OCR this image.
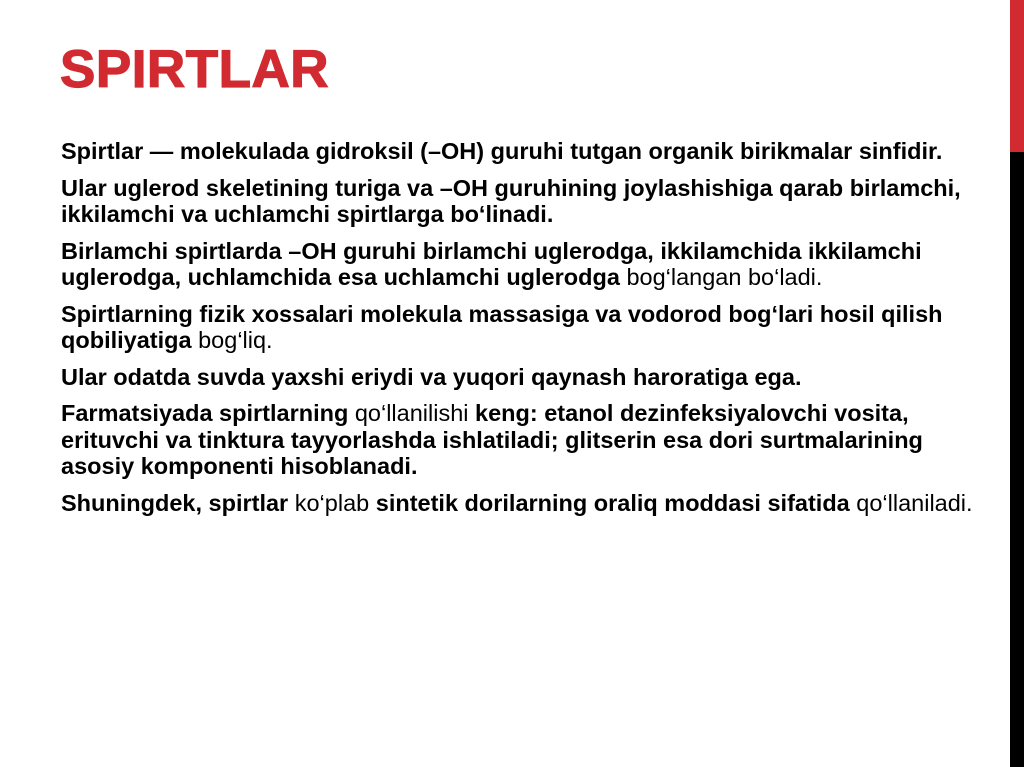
SPIRTLAR

Spirtlar — molekulada gidroksil (–OH) guruhi tutgan organik birikmalar sinfidir.

Ular uglerod skeletining turiga va –OH guruhining joylashishiga qarab birlamchi, ikkilamchi va uchlamchi spirtlarga bo‘linadi.

Birlamchi spirtlarda –OH guruhi birlamchi uglerodga, ikkilamchida ikkilamchi uglerodga, uchlamchida esa uchlamchi uglerodga bog‘langan bo‘ladi.

Spirtlarning fizik xossalari molekula massasiga va vodorod bog‘lari hosil qilish qobiliyatiga bog‘liq.

Ular odatda suvda yaxshi eriydi va yuqori qaynash haroratiga ega.

Farmatsiyada spirtlarning qo‘llanilishi keng: etanol dezinfeksiyalovchi vosita, erituvchi va tinktura tayyorlashda ishlatiladi; glitserin esa dori surtmalarining asosiy komponenti hisoblanadi.

Shuningdek, spirtlar ko‘plab sintetik dorilarning oraliq moddasi sifatida qo‘llaniladi.
